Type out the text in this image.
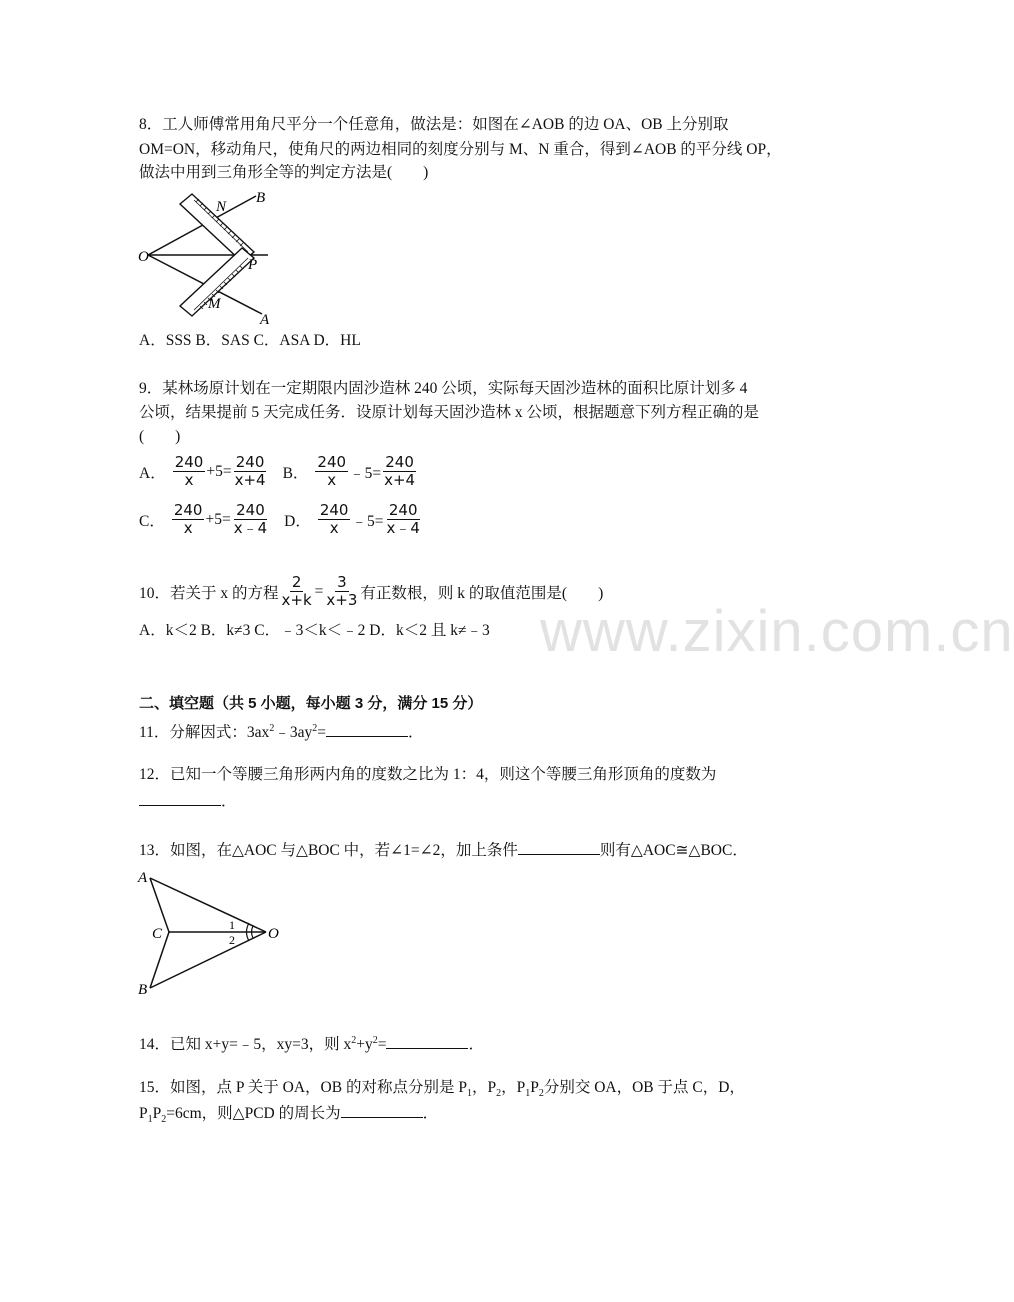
www.zixin.com.cn
8．工人师傅常用角尺平分一个任意角，做法是：如图在∠AOB 的边 OA、OB 上分别取
OM=ON，移动角尺，使角尺的两边相同的刻度分别与 M、N 重合，得到∠AOB 的平分线 OP，
做法中用到三角形全等的判定方法是(　　)
O
N
B
P
M
A
A．SSS B．SAS C．ASA D．HL
9．某林场原计划在一定期限内固沙造林 240 公顷，实际每天固沙造林的面积比原计划多 4
公顷，结果提前 5 天完成任务．设原计划每天固沙造林 x 公顷，根据题意下列方程正确的是
(　　)
A． $\frac{240}{x} +5= \frac{240}{x+4}$ B． $\frac{240}{x}$ ﹣5= $\frac{240}{x+4}$
C． $\frac{240}{x} +5= \frac{240}{x﹣4}$ D． $\frac{240}{x}$ ﹣5= $\frac{240}{x﹣4}$
10．若关于 x 的方程 $\frac{2}{x+k} = \frac{3}{x+3}$ 有正数根，则 k 的取值范围是(　　)
A．k＜2 B．k≠3 C．﹣3＜k＜﹣2 D．k＜2 且 k≠﹣3
二、填空题（共 5 小题，每小题 3 分，满分 15 分）
11．分解因式：$3ax^2﹣3ay^2=$	．
12．已知一个等腰三角形两内角的度数之比为 1：4，则这个等腰三角形顶角的度数为
．
13．如图，在△AOC 与△BOC 中，若∠1=∠2，加上条件	则有△AOC≅△BOC．
A
C
B
O
1
2
14．已知 x+y=﹣5，xy=3，则 $x^2+y^2=$	．
15．如图，点 P 关于 OA，OB 的对称点分别是 $P_1$，$P_2$，$P_1P_2$分别交 OA，OB 于点 C，D，
$P_1P_2=6cm$，则△PCD 的周长为	．
